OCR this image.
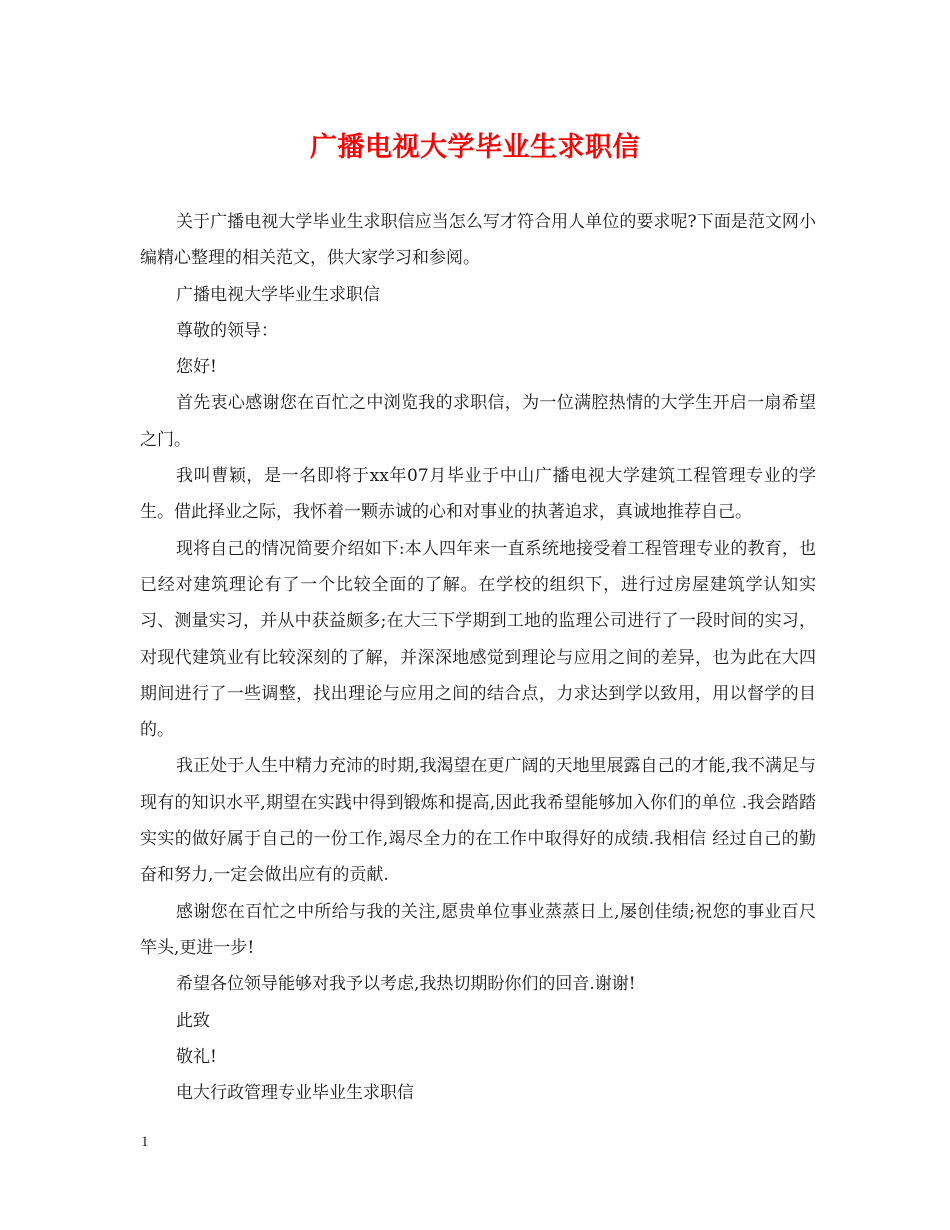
广播电视大学毕业生求职信

关于广播电视大学毕业生求职信应当怎么写才符合用人单位的要求呢?下面是范文网小编精心整理的相关范文，供大家学习和参阅。

广播电视大学毕业生求职信

尊敬的领导：

您好!

首先衷心感谢您在百忙之中浏览我的求职信，为一位满腔热情的大学生开启一扇希望之门。

我叫曹颖，是一名即将于xx年07月毕业于中山广播电视大学建筑工程管理专业的学生。借此择业之际，我怀着一颗赤诚的心和对事业的执著追求，真诚地推荐自己。

现将自己的情况简要介绍如下:本人四年来一直系统地接受着工程管理专业的教育，也已经对建筑理论有了一个比较全面的了解。在学校的组织下，进行过房屋建筑学认知实习、测量实习，并从中获益颇多;在大三下学期到工地的监理公司进行了一段时间的实习，对现代建筑业有比较深刻的了解，并深深地感觉到理论与应用之间的差异，也为此在大四期间进行了一些调整，找出理论与应用之间的结合点，力求达到学以致用，用以督学的目的。

我正处于人生中精力充沛的时期,我渴望在更广阔的天地里展露自己的才能,我不满足与现有的知识水平,期望在实践中得到锻炼和提高,因此我希望能够加入你们的单位 .我会踏踏实实的做好属于自己的一份工作,竭尽全力的在工作中取得好的成绩.我相信 经过自己的勤奋和努力,一定会做出应有的贡献.

感谢您在百忙之中所给与我的关注,愿贵单位事业蒸蒸日上,屡创佳绩;祝您的事业百尺竿头,更进一步!

希望各位领导能够对我予以考虑,我热切期盼你们的回音.谢谢!

此致

敬礼!

电大行政管理专业毕业生求职信

1
